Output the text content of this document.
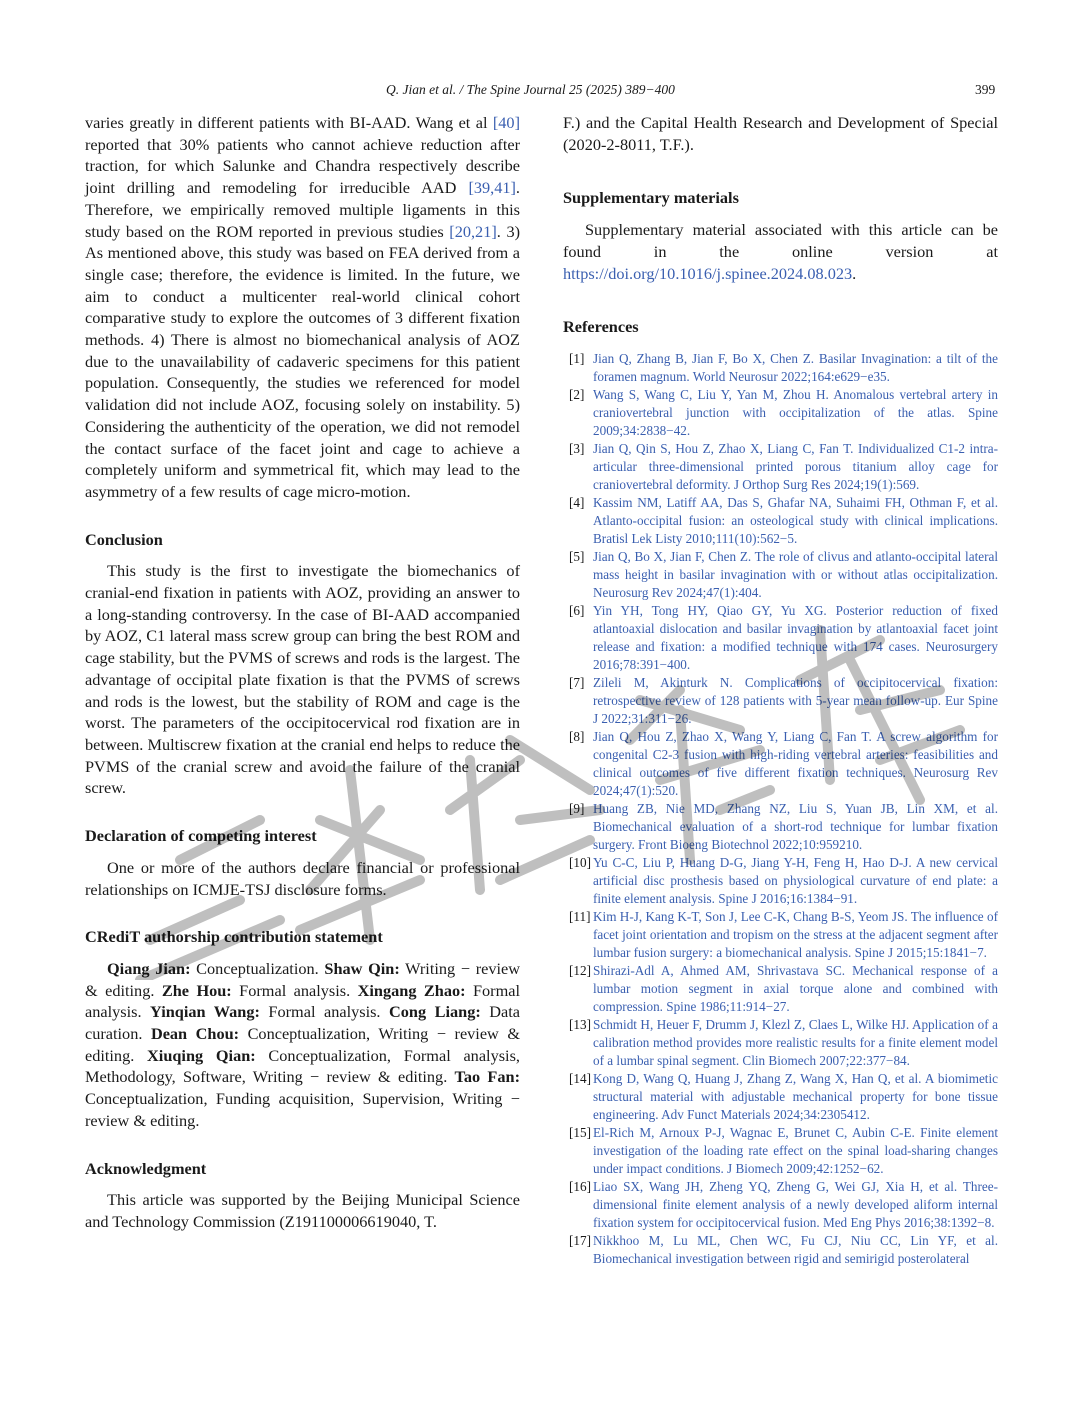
Q. Jian et al. / The Spine Journal 25 (2025) 389−400	399

varies greatly in different patients with BI-AAD. Wang et al [40] reported that 30% patients who cannot achieve reduction after traction, for which Salunke and Chandra respectively describe joint drilling and remodeling for irreducible AAD [39,41]. Therefore, we empirically removed multiple ligaments in this study based on the ROM reported in previous studies [20,21]. 3) As mentioned above, this study was based on FEA derived from a single case; therefore, the evidence is limited. In the future, we aim to conduct a multicenter real-world clinical cohort comparative study to explore the outcomes of 3 different fixation methods. 4) There is almost no biomechanical analysis of AOZ due to the unavailability of cadaveric specimens for this patient population. Consequently, the studies we referenced for model validation did not include AOZ, focusing solely on instability. 5) Considering the authenticity of the operation, we did not remodel the contact surface of the facet joint and cage to achieve a completely uniform and symmetrical fit, which may lead to the asymmetry of a few results of cage micro-motion.

Conclusion

This study is the first to investigate the biomechanics of cranial-end fixation in patients with AOZ, providing an answer to a long-standing controversy. In the case of BI-AAD accompanied by AOZ, C1 lateral mass screw group can bring the best ROM and cage stability, but the PVMS of screws and rods is the largest. The advantage of occipital plate fixation is that the PVMS of screws and rods is the lowest, but the stability of ROM and cage is the worst. The parameters of the occipitocervical rod fixation are in between. Multiscrew fixation at the cranial end helps to reduce the PVMS of the cranial screw and avoid the failure of the cranial screw.

Declaration of competing interest

One or more of the authors declare financial or professional relationships on ICMJE-TSJ disclosure forms.

CRediT authorship contribution statement

Qiang Jian: Conceptualization. Shaw Qin: Writing − review & editing. Zhe Hou: Formal analysis. Xingang Zhao: Formal analysis. Yinqian Wang: Formal analysis. Cong Liang: Data curation. Dean Chou: Conceptualization, Writing − review & editing. Xiuqing Qian: Conceptualization, Formal analysis, Methodology, Software, Writing − review & editing. Tao Fan: Conceptualization, Funding acquisition, Supervision, Writing − review & editing.

Acknowledgment

This article was supported by the Beijing Municipal Science and Technology Commission (Z191100006619040, T.

F.) and the Capital Health Research and Development of Special (2020-2-8011, T.F.).

Supplementary materials

Supplementary material associated with this article can be found in the online version at https://doi.org/10.1016/j.spinee.2024.08.023.

References

[1] Jian Q, Zhang B, Jian F, Bo X, Chen Z. Basilar Invagination: a tilt of the foramen magnum. World Neurosur 2022;164:e629−e35.
[2] Wang S, Wang C, Liu Y, Yan M, Zhou H. Anomalous vertebral artery in craniovertebral junction with occipitalization of the atlas. Spine 2009;34:2838−42.
[3] Jian Q, Qin S, Hou Z, Zhao X, Liang C, Fan T. Individualized C1-2 intra-articular three-dimensional printed porous titanium alloy cage for craniovertebral deformity. J Orthop Surg Res 2024;19(1):569.
[4] Kassim NM, Latiff AA, Das S, Ghafar NA, Suhaimi FH, Othman F, et al. Atlanto-occipital fusion: an osteological study with clinical implications. Bratisl Lek Listy 2010;111(10):562−5.
[5] Jian Q, Bo X, Jian F, Chen Z. The role of clivus and atlanto-occipital lateral mass height in basilar invagination with or without atlas occipitalization. Neurosurg Rev 2024;47(1):404.
[6] Yin YH, Tong HY, Qiao GY, Yu XG. Posterior reduction of fixed atlantoaxial dislocation and basilar invagination by atlantoaxial facet joint release and fixation: a modified technique with 174 cases. Neurosurgery 2016;78:391−400.
[7] Zileli M, Akinturk N. Complications of occipitocervical fixation: retrospective review of 128 patients with 5-year mean follow-up. Eur Spine J 2022;31:311−26.
[8] Jian Q, Hou Z, Zhao X, Wang Y, Liang C, Fan T. A screw algorithm for congenital C2-3 fusion with high-riding vertebral arteries: feasibilities and clinical outcomes of five different fixation techniques. Neurosurg Rev 2024;47(1):520.
[9] Huang ZB, Nie MD, Zhang NZ, Liu S, Yuan JB, Lin XM, et al. Biomechanical evaluation of a short-rod technique for lumbar fixation surgery. Front Bioeng Biotechnol 2022;10:959210.
[10] Yu C-C, Liu P, Huang D-G, Jiang Y-H, Feng H, Hao D-J. A new cervical artificial disc prosthesis based on physiological curvature of end plate: a finite element analysis. Spine J 2016;16:1384−91.
[11] Kim H-J, Kang K-T, Son J, Lee C-K, Chang B-S, Yeom JS. The influence of facet joint orientation and tropism on the stress at the adjacent segment after lumbar fusion surgery: a biomechanical analysis. Spine J 2015;15:1841−7.
[12] Shirazi-Adl A, Ahmed AM, Shrivastava SC. Mechanical response of a lumbar motion segment in axial torque alone and combined with compression. Spine 1986;11:914−27.
[13] Schmidt H, Heuer F, Drumm J, Klezl Z, Claes L, Wilke HJ. Application of a calibration method provides more realistic results for a finite element model of a lumbar spinal segment. Clin Biomech 2007;22:377−84.
[14] Kong D, Wang Q, Huang J, Zhang Z, Wang X, Han Q, et al. A biomimetic structural material with adjustable mechanical property for bone tissue engineering. Adv Funct Materials 2024;34:2305412.
[15] El-Rich M, Arnoux P-J, Wagnac E, Brunet C, Aubin C-E. Finite element investigation of the loading rate effect on the spinal load-sharing changes under impact conditions. J Biomech 2009;42:1252−62.
[16] Liao SX, Wang JH, Zheng YQ, Zheng G, Wei GJ, Xia H, et al. Three-dimensional finite element analysis of a newly developed aliform internal fixation system for occipitocervical fusion. Med Eng Phys 2016;38:1392−8.
[17] Nikkhoo M, Lu ML, Chen WC, Fu CJ, Niu CC, Lin YF, et al. Biomechanical investigation between rigid and semirigid posterolateral
